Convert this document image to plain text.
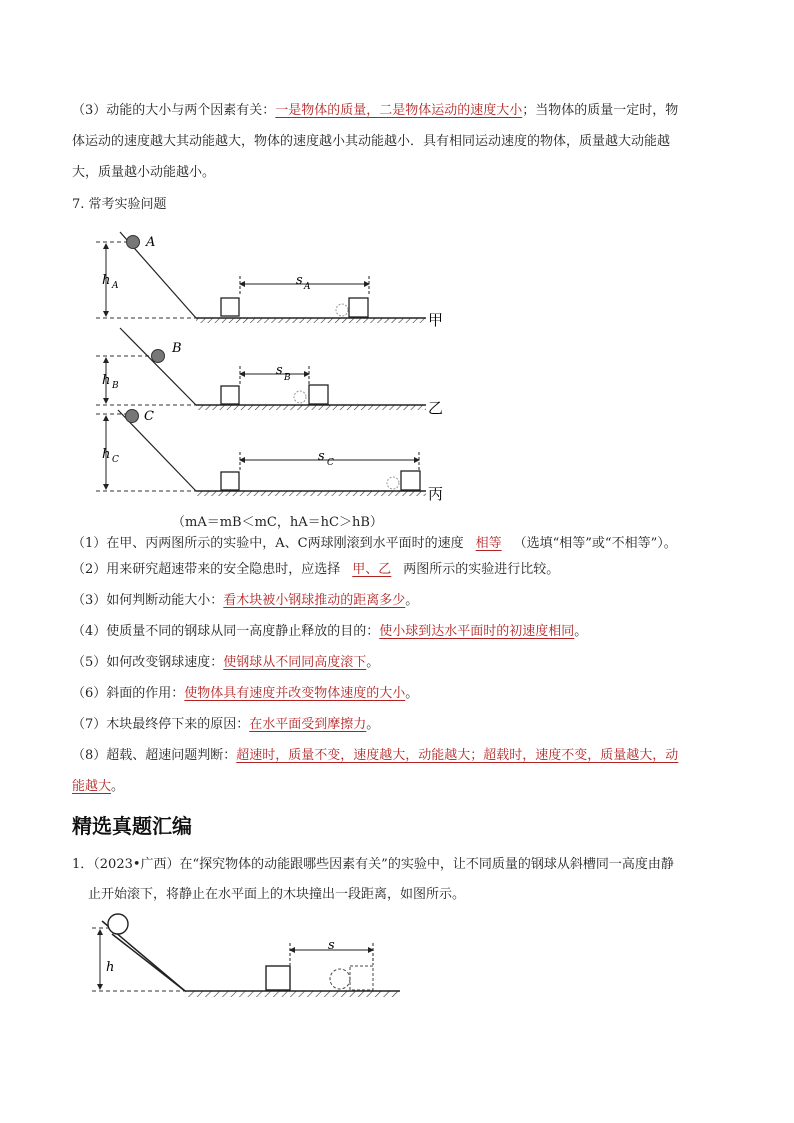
（3）动能的大小与两个因素有关：一是物体的质量，二是物体运动的速度大小；当物体的质量一定时，物
体运动的速度越大其动能越大，物体的速度越小其动能越小．具有相同运动速度的物体，质量越大动能越
大，质量越小动能越小。
7. 常考实验问题
A
h A	s A
甲
B
h B
s B
乙
C
h C	s C
丙
（mA＝mB＜mC，hA＝hC＞hB）
（1）在甲、丙两图所示的实验中，A、C两球刚滚到水平面时的速度 相等 （选填“相等”或“不相等”）。
（2）用来研究超速带来的安全隐患时，应选择 甲、乙 两图所示的实验进行比较。
（3）如何判断动能大小：看木块被小钢球推动的距离多少。
（4）使质量不同的钢球从同一高度静止释放的目的：使小球到达水平面时的初速度相同。
（5）如何改变钢球速度：使钢球从不同同高度滚下。
（6）斜面的作用：使物体具有速度并改变物体速度的大小。
（7）木块最终停下来的原因：在水平面受到摩擦力。
（8）超载、超速问题判断：超速时，质量不变，速度越大，动能越大；超载时，速度不变，质量越大，动
能越大。
精选真题汇编
1．（2023•广西）在“探究物体的动能跟哪些因素有关”的实验中，让不同质量的钢球从斜槽同一高度由静
止开始滚下，将静止在水平面上的木块撞出一段距离，如图所示。
h
s
